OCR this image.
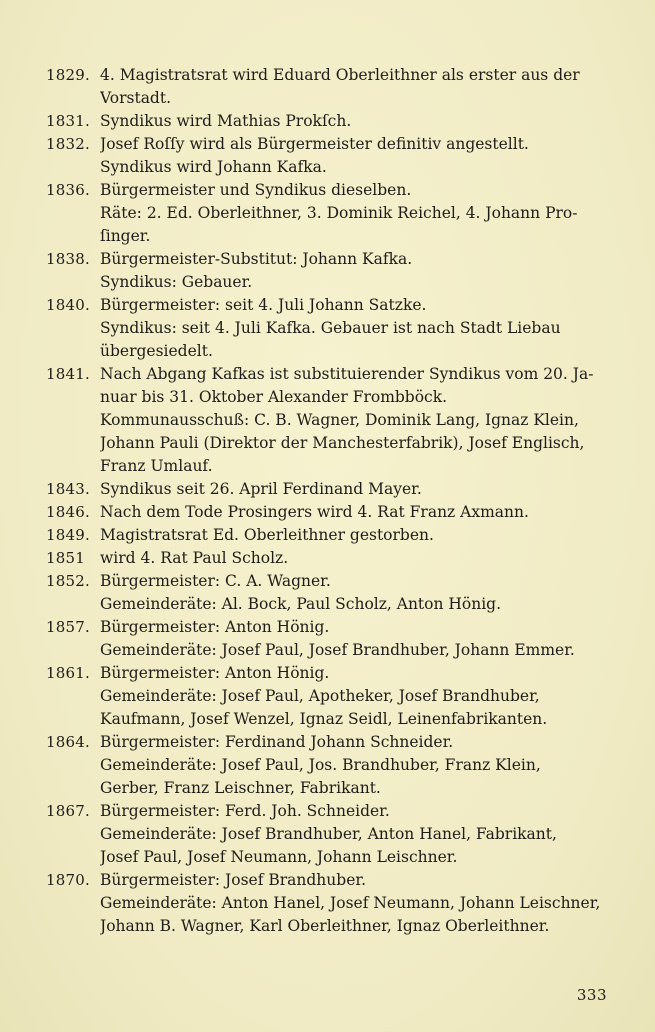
1829. 4. Magistratsrat wird Eduard Oberleithner als erster aus der
Vorstadt.
1831. Syndikus wird Mathias Prokſch.
1832. Josef Roſſy wird als Bürgermeister definitiv angestellt.
Syndikus wird Johann Kafka.
1836. Bürgermeister und Syndikus dieselben.
Räte: 2. Ed. Oberleithner, 3. Dominik Reichel, 4. Johann Pro-
ſinger.
1838. Bürgermeister-Substitut: Johann Kafka.
Syndikus: Gebauer.
1840. Bürgermeister: seit 4. Juli Johann Satzke.
Syndikus: seit 4. Juli Kafka. Gebauer ist nach Stadt Liebau
übergesiedelt.
1841. Nach Abgang Kafkas ist substituierender Syndikus vom 20. Ja-
nuar bis 31. Oktober Alexander Frombböck.
Kommunausschuß: C. B. Wagner, Dominik Lang, Ignaz Klein,
Johann Pauli (Direktor der Manchesterfabrik), Josef Englisch,
Franz Umlauf.
1843. Syndikus seit 26. April Ferdinand Mayer.
1846. Nach dem Tode Prosingers wird 4. Rat Franz Axmann.
1849. Magistratsrat Ed. Oberleithner gestorben.
1851 wird 4. Rat Paul Scholz.
1852. Bürgermeister: C. A. Wagner.
Gemeinderäte: Al. Bock, Paul Scholz, Anton Hönig.
1857. Bürgermeister: Anton Hönig.
Gemeinderäte: Josef Paul, Josef Brandhuber, Johann Emmer.
1861. Bürgermeister: Anton Hönig.
Gemeinderäte: Josef Paul, Apotheker, Josef Brandhuber,
Kaufmann, Josef Wenzel, Ignaz Seidl, Leinenfabrikanten.
1864. Bürgermeister: Ferdinand Johann Schneider.
Gemeinderäte: Josef Paul, Jos. Brandhuber, Franz Klein,
Gerber, Franz Leischner, Fabrikant.
1867. Bürgermeister: Ferd. Joh. Schneider.
Gemeinderäte: Josef Brandhuber, Anton Hanel, Fabrikant,
Josef Paul, Josef Neumann, Johann Leischner.
1870. Bürgermeister: Josef Brandhuber.
Gemeinderäte: Anton Hanel, Josef Neumann, Johann Leischner,
Johann B. Wagner, Karl Oberleithner, Ignaz Oberleithner.
333
